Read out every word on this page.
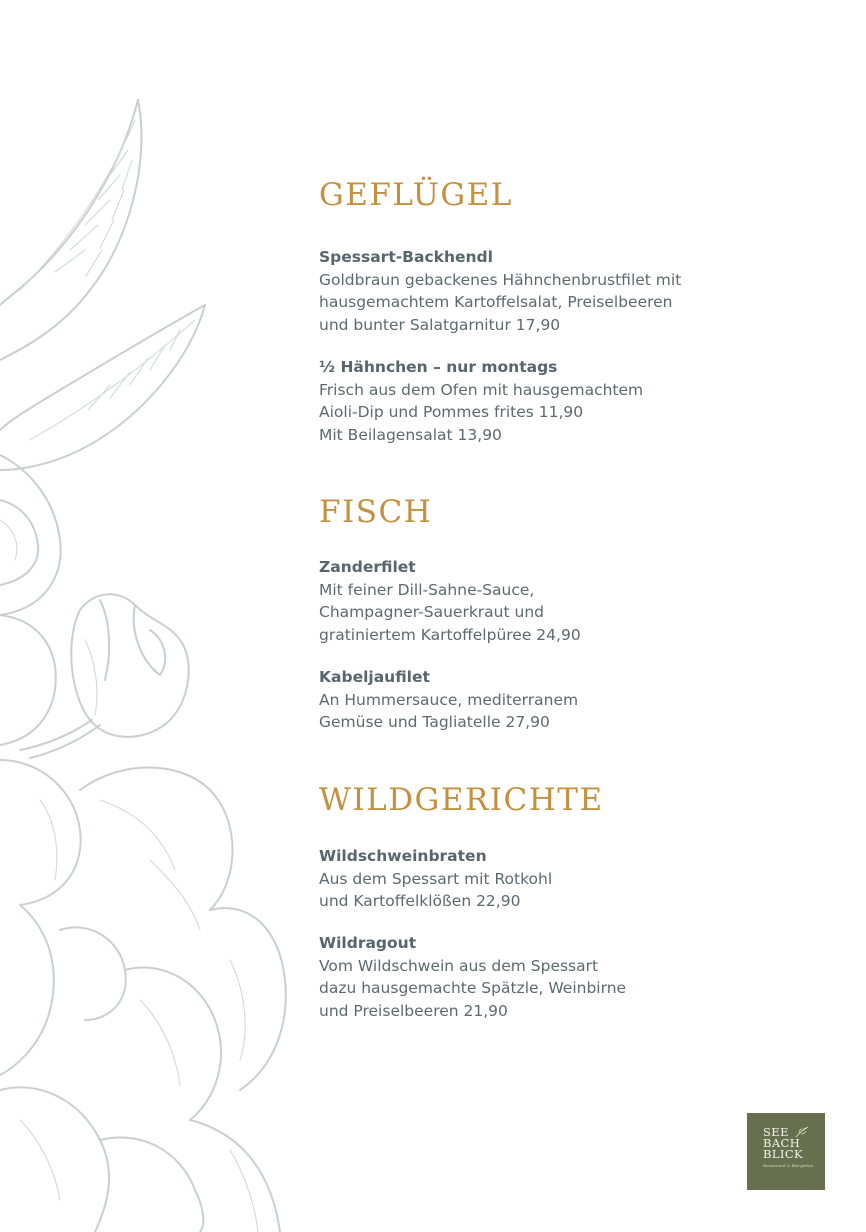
GEFLÜGEL
Spessart-Backhendl
Goldbraun gebackenes Hähnchenbrustfilet mit
hausgemachtem Kartoffelsalat, Preiselbeeren
und bunter Salatgarnitur 17,90
½ Hähnchen – nur montags
Frisch aus dem Ofen mit hausgemachtem
Aioli-Dip und Pommes frites 11,90
Mit Beilagensalat 13,90
FISCH
Zanderfilet
Mit feiner Dill-Sahne-Sauce,
Champagner-Sauerkraut und
gratiniertem Kartoffelpüree 24,90
Kabeljaufilet
An Hummersauce, mediterranem
Gemüse und Tagliatelle 27,90
WILDGERICHTE
Wildschweinbraten
Aus dem Spessart mit Rotkohl
und Kartoffelklößen 22,90
Wildragout
Vom Wildschwein aus dem Spessart
dazu hausgemachte Spätzle, Weinbirne
und Preiselbeeren 21,90
SEE
BACH
BLICK
Restaurant & Biergarten
